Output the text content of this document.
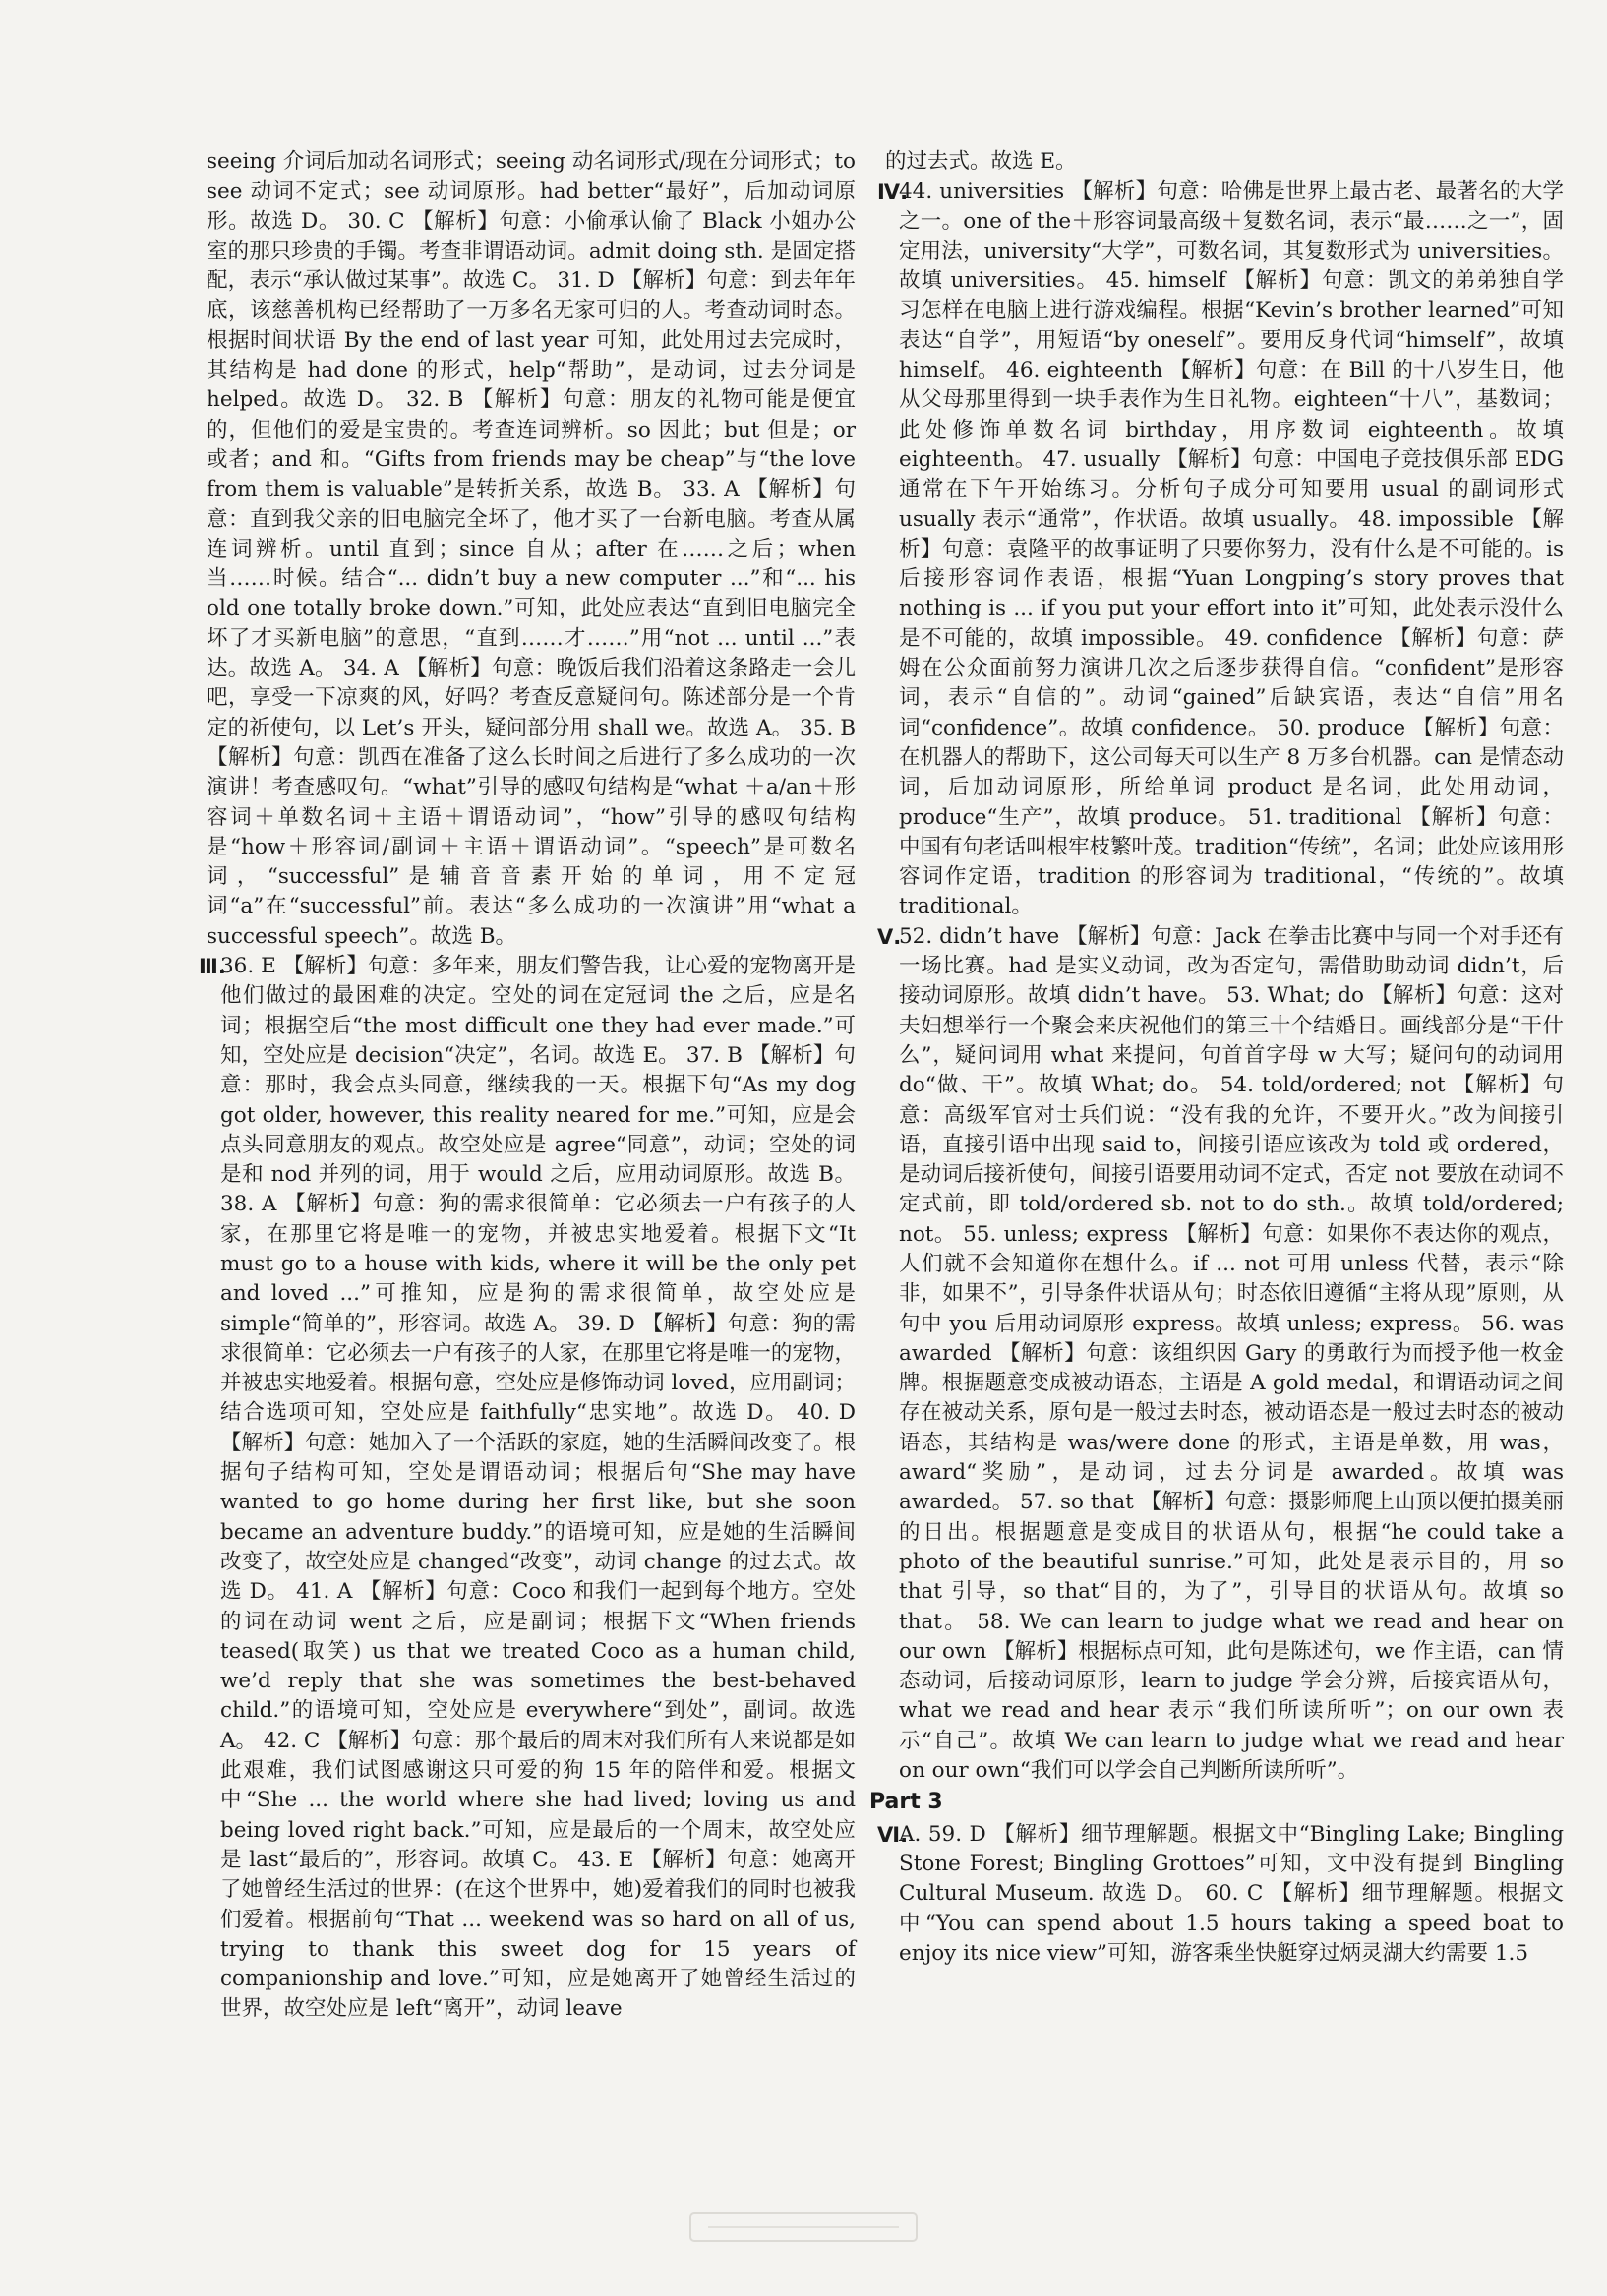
seeing 介词后加动名词形式；seeing 动名词形式/现在分词形式；to see 动词不定式；see 动词原形。had better“最好”，后加动词原形。故选 D。 30. C 【解析】句意：小偷承认偷了 Black 小姐办公室的那只珍贵的手镯。考查非谓语动词。admit doing sth. 是固定搭配，表示“承认做过某事”。故选 C。 31. D 【解析】句意：到去年年底，该慈善机构已经帮助了一万多名无家可归的人。考查动词时态。根据时间状语 By the end of last year 可知，此处用过去完成时，其结构是 had done 的形式，help“帮助”，是动词，过去分词是 helped。故选 D。 32. B 【解析】句意：朋友的礼物可能是便宜的，但他们的爱是宝贵的。考查连词辨析。so 因此；but 但是；or 或者；and 和。“Gifts from friends may be cheap”与“the love from them is valuable”是转折关系，故选 B。 33. A 【解析】句意：直到我父亲的旧电脑完全坏了，他才买了一台新电脑。考查从属连词辨析。until 直到；since 自从；after 在……之后；when 当……时候。结合“... didn’t buy a new computer ...”和“... his old one totally broke down.”可知，此处应表达“直到旧电脑完全坏了才买新电脑”的意思，“直到……才……”用“not ... until ...”表达。故选 A。 34. A 【解析】句意：晚饭后我们沿着这条路走一会儿吧，享受一下凉爽的风，好吗？考查反意疑问句。陈述部分是一个肯定的祈使句，以 Let’s 开头，疑问部分用 shall we。故选 A。 35. B 【解析】句意：凯西在准备了这么长时间之后进行了多么成功的一次演讲！考查感叹句。“what”引导的感叹句结构是“what ＋a/an＋形容词＋单数名词＋主语＋谓语动词”，“how”引导的感叹句结构是“how＋形容词/副词＋主语＋谓语动词”。“speech”是可数名词，“successful”是辅音音素开始的单词，用不定冠词“a”在“successful”前。表达“多么成功的一次演讲”用“what a successful speech”。故选 B。

Ⅲ.

36. E 【解析】句意：多年来，朋友们警告我，让心爱的宠物离开是他们做过的最困难的决定。空处的词在定冠词 the 之后，应是名词；根据空后“the most difficult one they had ever made.”可知，空处应是 decision“决定”，名词。故选 E。 37. B 【解析】句意：那时，我会点头同意，继续我的一天。根据下句“As my dog got older, however, this reality neared for me.”可知，应是会点头同意朋友的观点。故空处应是 agree“同意”，动词；空处的词是和 nod 并列的词，用于 would 之后，应用动词原形。故选 B。 38. A 【解析】句意：狗的需求很简单：它必须去一户有孩子的人家，在那里它将是唯一的宠物，并被忠实地爱着。根据下文“It must go to a house with kids, where it will be the only pet and loved ...”可推知，应是狗的需求很简单，故空处应是 simple“简单的”，形容词。故选 A。 39. D 【解析】句意：狗的需求很简单：它必须去一户有孩子的人家，在那里它将是唯一的宠物，并被忠实地爱着。根据句意，空处应是修饰动词 loved，应用副词；结合选项可知，空处应是 faithfully“忠实地”。故选 D。 40. D 【解析】句意：她加入了一个活跃的家庭，她的生活瞬间改变了。根据句子结构可知，空处是谓语动词；根据后句“She may have wanted to go home during her first like, but she soon became an adventure buddy.”的语境可知，应是她的生活瞬间改变了，故空处应是 changed“改变”，动词 change 的过去式。故选 D。 41. A 【解析】句意：Coco 和我们一起到每个地方。空处的词在动词 went 之后，应是副词；根据下文“When friends teased(取笑) us that we treated Coco as a human child, we’d reply that she was sometimes the best-behaved child.”的语境可知，空处应是 everywhere“到处”，副词。故选 A。 42. C 【解析】句意：那个最后的周末对我们所有人来说都是如此艰难，我们试图感谢这只可爱的狗 15 年的陪伴和爱。根据文中“She ... the world where she had lived; loving us and being loved right back.”可知，应是最后的一个周末，故空处应是 last“最后的”，形容词。故填 C。 43. E 【解析】句意：她离开了她曾经生活过的世界：(在这个世界中，她)爱着我们的同时也被我们爱着。根据前句“That ... weekend was so hard on all of us, trying to thank this sweet dog for 15 years of companionship and love.”可知，应是她离开了她曾经生活过的世界，故空处应是 left“离开”，动词 leave

的过去式。故选 E。

Ⅳ.

44. universities 【解析】句意：哈佛是世界上最古老、最著名的大学之一。one of the＋形容词最高级＋复数名词，表示“最……之一”，固定用法，university“大学”，可数名词，其复数形式为 universities。故填 universities。 45. himself 【解析】句意：凯文的弟弟独自学习怎样在电脑上进行游戏编程。根据“Kevin’s brother learned”可知表达“自学”，用短语“by oneself”。要用反身代词“himself”，故填 himself。 46. eighteenth 【解析】句意：在 Bill 的十八岁生日，他从父母那里得到一块手表作为生日礼物。eighteen“十八”，基数词；此处修饰单数名词 birthday，用序数词 eighteenth。故填 eighteenth。 47. usually 【解析】句意：中国电子竞技俱乐部 EDG 通常在下午开始练习。分析句子成分可知要用 usual 的副词形式 usually 表示“通常”，作状语。故填 usually。 48. impossible 【解析】句意：袁隆平的故事证明了只要你努力，没有什么是不可能的。is 后接形容词作表语，根据“Yuan Longping’s story proves that nothing is ... if you put your effort into it”可知，此处表示没什么是不可能的，故填 impossible。 49. confidence 【解析】句意：萨姆在公众面前努力演讲几次之后逐步获得自信。“confident”是形容词，表示“自信的”。动词“gained”后缺宾语，表达“自信”用名词“confidence”。故填 confidence。 50. produce 【解析】句意：在机器人的帮助下，这公司每天可以生产 8 万多台机器。can 是情态动词，后加动词原形，所给单词 product 是名词，此处用动词，produce“生产”，故填 produce。 51. traditional 【解析】句意：中国有句老话叫根牢枝繁叶茂。tradition“传统”，名词；此处应该用形容词作定语，tradition 的形容词为 traditional，“传统的”。故填 traditional。

Ⅴ.

52. didn’t have 【解析】句意：Jack 在拳击比赛中与同一个对手还有一场比赛。had 是实义动词，改为否定句，需借助助动词 didn’t，后接动词原形。故填 didn’t have。 53. What; do 【解析】句意：这对夫妇想举行一个聚会来庆祝他们的第三十个结婚日。画线部分是“干什么”，疑问词用 what 来提问，句首首字母 w 大写；疑问句的动词用 do“做、干”。故填 What; do。 54. told/ordered; not 【解析】句意：高级军官对士兵们说：“没有我的允许，不要开火。”改为间接引语，直接引语中出现 said to，间接引语应该改为 told 或 ordered，是动词后接祈使句，间接引语要用动词不定式，否定 not 要放在动词不定式前，即 told/ordered sb. not to do sth.。故填 told/ordered; not。 55. unless; express 【解析】句意：如果你不表达你的观点，人们就不会知道你在想什么。if ... not 可用 unless 代替，表示“除非，如果不”，引导条件状语从句；时态依旧遵循“主将从现”原则，从句中 you 后用动词原形 express。故填 unless; express。 56. was awarded 【解析】句意：该组织因 Gary 的勇敢行为而授予他一枚金牌。根据题意变成被动语态，主语是 A gold medal，和谓语动词之间存在被动关系，原句是一般过去时态，被动语态是一般过去时态的被动语态，其结构是 was/were done 的形式，主语是单数，用 was，award“奖励”，是动词，过去分词是 awarded。故填 was awarded。 57. so that 【解析】句意：摄影师爬上山顶以便拍摄美丽的日出。根据题意是变成目的状语从句，根据“he could take a photo of the beautiful sunrise.”可知，此处是表示目的，用 so that 引导，so that“目的，为了”，引导目的状语从句。故填 so that。 58. We can learn to judge what we read and hear on our own 【解析】根据标点可知，此句是陈述句，we 作主语，can 情态动词，后接动词原形，learn to judge 学会分辨，后接宾语从句，what we read and hear 表示“我们所读所听”；on our own 表示“自己”。故填 We can learn to judge what we read and hear on our own“我们可以学会自己判断所读所听”。

Part 3
Ⅵ.

A. 59. D 【解析】细节理解题。根据文中“Bingling Lake; Bingling Stone Forest; Bingling Grottoes”可知，文中没有提到 Bingling Cultural Museum. 故选 D。 60. C 【解析】细节理解题。根据文中“You can spend about 1.5 hours taking a speed boat to enjoy its nice view”可知，游客乘坐快艇穿过炳灵湖大约需要 1.5
